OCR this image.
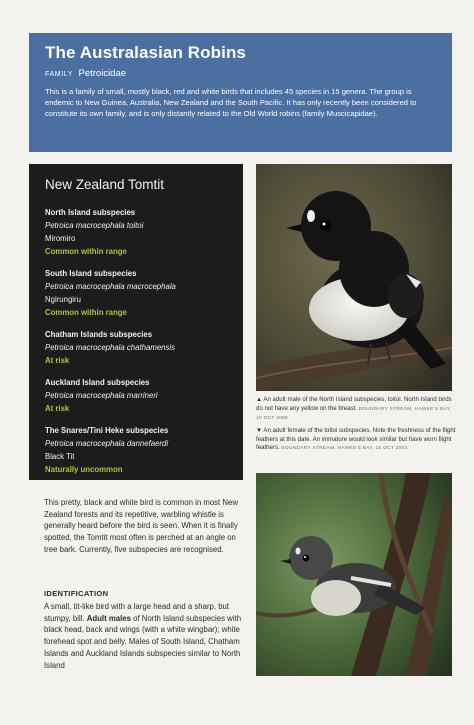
The Australasian Robins
FAMILY Petroicidae

This is a family of small, mostly black, red and white birds that includes 45 species in 15 genera. The group is endemic to New Guinea, Australia, New Zealand and the South Pacific. It has only recently been considered to constitute its own family, and is only distantly related to the Old World robins (family Muscicapidae).

New Zealand Tomtit
North Island subspecies
Petroica macrocephala toitoi
Miromiro
Common within range
South Island subspecies
Petroica macrocephala macrocephala
Ngirungiru
Common within range
Chatham Islands subspecies
Petroica macrocephala chathamensis
At risk
Auckland Island subspecies
Petroica macrocephala marrineri
At risk
The Snares/Tini Heke subspecies
Petroica macrocephala dannefaerdi
Black Tit
Naturally uncommon
▲ An adult male of the North Island subspecies, toitoi. North Island birds do not have any yellow on the breast. BOUNDARY STREAM, HAWKE'S BAY, 10 OCT 2006
▼ An adult female of the toitoi subspecies. Note the freshness of the flight feathers at this date. An immature would look similar but have worn flight feathers. BOUNDARY STREAM, HAWKE'S BAY, 15 OCT 2003

This pretty, black and white bird is common in most New Zealand forests and its repetitive, warbling whistle is generally heard before the bird is seen. When it is finally spotted, the Tomtit most often is perched at an angle on tree bark. Currently, five subspecies are recognised.

IDENTIFICATION
A small, tit-like bird with a large head and a sharp, but stumpy, bill. Adult males of North Island subspecies with black head, back and wings (with a white wingbar); white forehead spot and belly. Males of South Island, Chatham Islands and Auckland Islands subspecies similar to North Island
